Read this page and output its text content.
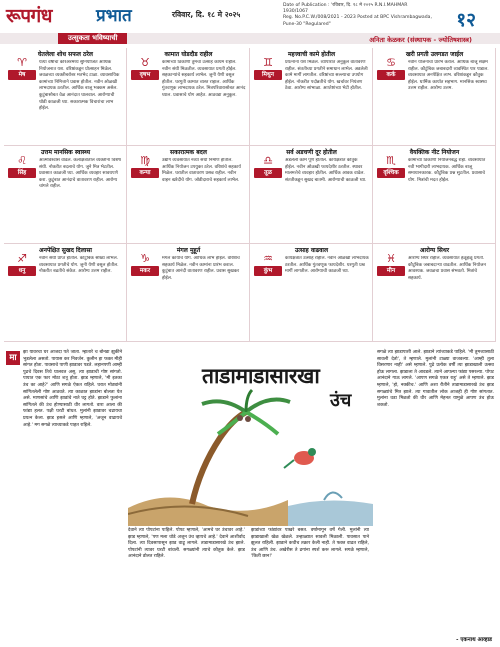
रूपगंध	प्रभात	रविवार, दि. १८ मे २०२५
Date of Publication : 'रविवार, दि. १८ मे २०२५ R.N.I.MAHMAR 1930/1067
Reg. No.P.C.W./008/2021 - 2023 Posted at BPC Vishrambagwada, Pune-30 "Regulared"	१२
उत्सुकता भविष्याची	अनिता केळकर (संस्थापक - ज्योतिषशास्त्र)
घेतलेला शोध सफल ठरेल
♈
मेष
येत्या वर्षीचा करिअरमध्ये सुनियोजित आर्थिक नियोजनात यश. वरिष्ठांकडून प्रोत्साहन मिळेल. जवळच्या व्यक्तीबरोबर मतभेद टाळा. व्यावसायिक कामांच्या निमित्ताने प्रवास होतील. नवीन ओळखी लाभदायक ठरतील. आर्थिक बाजू भक्कम असेल. कुटुंबासोबत वेळ आनंदात घालवाल. आरोग्याची थोडी काळजी घ्या. सकारात्मक विचारांचा लाभ होईल.
कामात घोडदौड राहील
♉
वृषभ
कामाच्या ठिकाणी तुमचा उत्साह कायम राहील. नवीन संधी मिळतील. व्यवसायात प्रगती होईल. सहकाऱ्यांचे सहकार्य लाभेल. जुनी येणी वसूल होतील. घरगुती कामात व्यस्त राहाल. आर्थिक गुंतवणूक लाभदायक ठरेल. मित्रपरिवारासोबत आनंद घ्याल. प्रवासाचे योग आहेत. आठवडा अनुकूल.
महत्त्वाची कामे होतील
♊
मिथुन
प्रयत्नांना यश मिळेल. व्यापारात अनुकूल वातावरण राहील. संततीच्या प्रगतीने समाधान लाभेल. अडलेली कामे मार्गी लागतील. वरिष्ठांच्या सल्ल्याचा उपयोग होईल. नोकरीत पदोन्नतीचे योग. खर्चावर नियंत्रण ठेवा. आरोग्य सांभाळा. आप्तेष्टांच्या भेटी होतील.
खरी प्रगती उलगडत जाईल
♋
कर्क
नवीन योजनांचा प्रारंभ कराल. आर्थिक बाजू सक्षम राहील. कौटुंबिक जबाबदारी व्यवस्थित पार पाडाल. व्यवसायात अनपेक्षित लाभ. वरिष्ठांकडून कौतुक होईल. धार्मिक कार्यात सहभाग. मानसिक स्वास्थ्य उत्तम राहील. आरोग्य उत्तम.
उत्तम मानसिक स्वास्थ्य
♌
सिंह
आत्मविश्वास वाढेल. कलाक्षेत्रातील व्यक्तींना विशेष संधी. नोकरीत बदलाचे योग. जुने मित्र भेटतील. प्रवासात काळजी घ्या. आर्थिक व्यवहार सावधपणे करा. कुटुंबात आनंदाचे वातावरण राहील. आरोग्य चांगले राहील.
सकारात्मक बदल
♍
कन्या
उद्योग व्यवसायात नव्या संधी निर्माण होतील. आर्थिक नियोजन उपयुक्त ठरेल. वरिष्ठांचे सहकार्य मिळेल. घरातील वातावरण प्रसन्न राहील. नवीन वाहन खरेदीचे योग. जोडीदाराचे सहकार्य लाभेल.
सर्व अडचणी दूर होतील
♎
तूळ
अडलेली कामे पूर्ण होतील. कार्यक्षेत्रात कौतुक होईल. नवीन ओळखी फायदेशीर ठरतील. स्थावर मालमत्तेचे व्यवहार होतील. आर्थिक आवक वाढेल. संततीकडून सुखद बातमी. आरोग्याची काळजी घ्या.
वैयक्तिक नीट नियोजन
♏
वृश्चिक
कामाच्या ठिकाणी नियोजनबद्ध राहा. व्यवसायात नवी भागीदारी लाभदायक. आर्थिक बाजू समाधानकारक. कौटुंबिक प्रश्न सुटतील. प्रवासाचे योग. मित्रांची मदत होईल.
अनपेक्षित सुखद दिलासा
♐
धनु
नवीन संधी प्राप्त होतील. कौटुंबिक सौख्य लाभेल. व्यवसायात प्रगतीचे योग. जुनी येणी वसूल होतील. नोकरीत बढतीचे संकेत. आरोग्य उत्तम राहील.
मंगल मुहूर्त
♑
मकर
मंगल कार्याचे योग. आर्थिक लाभ होईल. वरिष्ठांचे सहकार्य मिळेल. नवीन कामांना प्रारंभ कराल. कुटुंबात आनंदी वातावरण राहील. प्रवास सुखकर होईल.
उत्साह वाढवाल
♒
कुंभ
कार्यक्षेत्रात उत्साह राहील. नवीन ओळखी लाभदायक ठरतील. आर्थिक गुंतवणूक फायदेशीर. घरगुती प्रश्न मार्गी लागतील. आरोग्याची काळजी घ्या.
आरोग्य सिथर
♓
मीन
आरोग्य स्थिर राहील. व्यवसायात हळूहळू प्रगती. कौटुंबिक जबाबदाऱ्या वाढतील. आर्थिक नियोजन आवश्यक. जवळचा प्रवास संभवतो. मित्रांचे सहकार्य.
मा
झा यावरचा घर आजदा पते जाता. म्हातारे च बोनडा झुकीने भुडलेला असतो. पायास कर निवर्जन. कुलीन हा फक्त मीही सांगत होता. पावसाचे पाणी झाडावर पडते. लहानपणी आम्ही पुढचे दिवस तिथे घालवत असू. त्या झाडाची गोष्ट सांगतो. पायात एक फार मोठा शत्रू होता. झाड म्हणाले, 'मी इतका उंच का आहे?' आणि सगळे ऐकत राहिले. घरात मोठ्यांनी सांगितलेली गोष्ट आठवते. त्या काळात झाडांना बोलता येत असे. माणसांचे आणि झाडांचे नाते घट्ट होते. झाडाने फुलांना सांगितले की उंच होण्यासाठी धीर लागतो. वारा आला की फांद्या हलत. पक्षी घरटी बांधत. मुलांनी झाडावर चढायचा प्रयत्न केला. झाड हसले आणि म्हणाले, 'अजून वाढायचे आहे.' मग सगळे त्याच्याकडे पाहत राहिले.
ताडामाडासारखा
उंच
देवाने त्या पोपटांना पाहिले. पोपट म्हणाले, 'आमचे घर उंचावर आहे.' झाड म्हणाले, 'पण मला थोडे अजून उंच व्हायचे आहे.' देवाने आशीर्वाद दिला. त्या दिवसापासून झाड वाढू लागले. ताडामाडासारखे उंच झाले. पोपटांनी त्यावर घरटी बांधली. सगळ्यांनी त्याचे कौतुक केले. झाड आनंदाने डोलत राहिले.
झाडांच्या फांद्यांवर पाखरे बसत. वर्षामागून वर्षे गेली. मुलांनी त्या झाडाखाली खेळ खेळले. उन्हाळ्यात सावली मिळाली. पावसात पाने झुलत राहिली. झाडाने कधीच तक्रार केली नाही. ते फक्त वाढत राहिले, उंच आणि उंच. अखेरीस ते ढगांना स्पर्श करू लागले. सगळे म्हणाले, 'किती छान!'
सगळे त्या झाडापाशी आले. झाडाने त्यांच्याकडे पाहिले. 'मी तुमच्यासाठी सावली देतो', ते म्हणाले. मुलांनी टाळ्या वाजवल्या. 'आम्ही तुला विसरणार नाही' असे म्हणाले. पुढे प्रत्येक वर्षी त्या झाडाखाली उत्सव होऊ लागला. झाडाला ते आवडले. त्याने आपल्या फांद्या पसरल्या. पोपट आनंदाने गाऊ लागले. 'आपण सगळे एकत्र राहू' असे ते म्हणाले. झाड म्हणाले, 'हो, नक्कीच.' आणि अशा रीतीने ताडामाडासारखे उंच झाड सगळ्यांचे मित्र झाले. त्या गावातील लोक आजही ही गोष्ट सांगतात. मुलांना धडा मिळतो की धीर आणि मेहनत यामुळे आपण उंच होऊ शकतो.
- एकनाथ आव्हाड
